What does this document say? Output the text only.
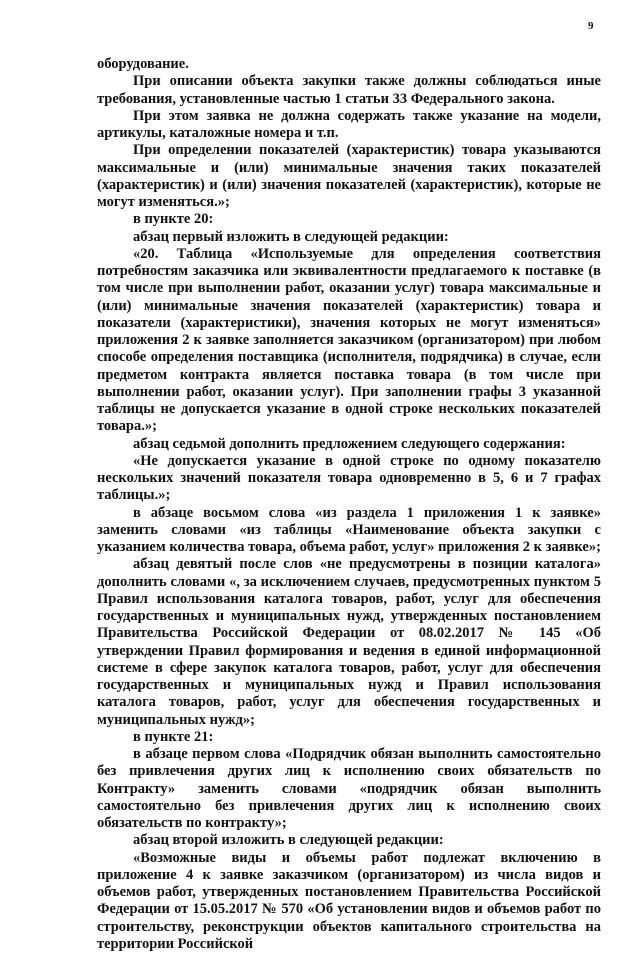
9

оборудование.

При описании объекта закупки также должны соблюдаться иные требования, установленные частью 1 статьи 33 Федерального закона.

При этом заявка не должна содержать также указание на модели, артикулы, каталожные номера и т.п.

При определении показателей (характеристик) товара указываются максимальные и (или) минимальные значения таких показателей (характеристик) и (или) значения показателей (характеристик), которые не могут изменяться.»;

в пункте 20:

абзац первый изложить в следующей редакции:

«20. Таблица «Используемые для определения соответствия потребностям заказчика или эквивалентности предлагаемого к поставке (в том числе при выполнении работ, оказании услуг) товара максимальные и (или) минимальные значения показателей (характеристик) товара и показатели (характеристики), значения которых не могут изменяться» приложения 2 к заявке заполняется заказчиком (организатором) при любом способе определения поставщика (исполнителя, подрядчика) в случае, если предметом контракта является поставка товара (в том числе при выполнении работ, оказании услуг). При заполнении графы 3 указанной таблицы не допускается указание в одной строке нескольких показателей товара.»;

абзац седьмой дополнить предложением следующего содержания:

«Не допускается указание в одной строке по одному показателю нескольких значений показателя товара одновременно в 5, 6 и 7 графах таблицы.»;

в абзаце восьмом слова «из раздела 1 приложения 1 к заявке» заменить словами «из таблицы «Наименование объекта закупки с указанием количества товара, объема работ, услуг» приложения 2 к заявке»;

абзац девятый после слов «не предусмотрены в позиции каталога» дополнить словами «, за исключением случаев, предусмотренных пунктом 5 Правил использования каталога товаров, работ, услуг для обеспечения государственных и муниципальных нужд, утвержденных постановлением Правительства Российской Федерации от 08.02.2017 № 145 «Об утверждении Правил формирования и ведения в единой информационной системе в сфере закупок каталога товаров, работ, услуг для обеспечения государственных и муниципальных нужд и Правил использования каталога товаров, работ, услуг для обеспечения государственных и муниципальных нужд»;

в пункте 21:

в абзаце первом слова «Подрядчик обязан выполнить самостоятельно без привлечения других лиц к исполнению своих обязательств по Контракту» заменить словами «подрядчик обязан выполнить самостоятельно без привлечения других лиц к исполнению своих обязательств по контракту»;

абзац второй изложить в следующей редакции:

«Возможные виды и объемы работ подлежат включению в приложение 4 к заявке заказчиком (организатором) из числа видов и объемов работ, утвержденных постановлением Правительства Российской Федерации от 15.05.2017 № 570 «Об установлении видов и объемов работ по строительству, реконструкции объектов капитального строительства на территории Российской
